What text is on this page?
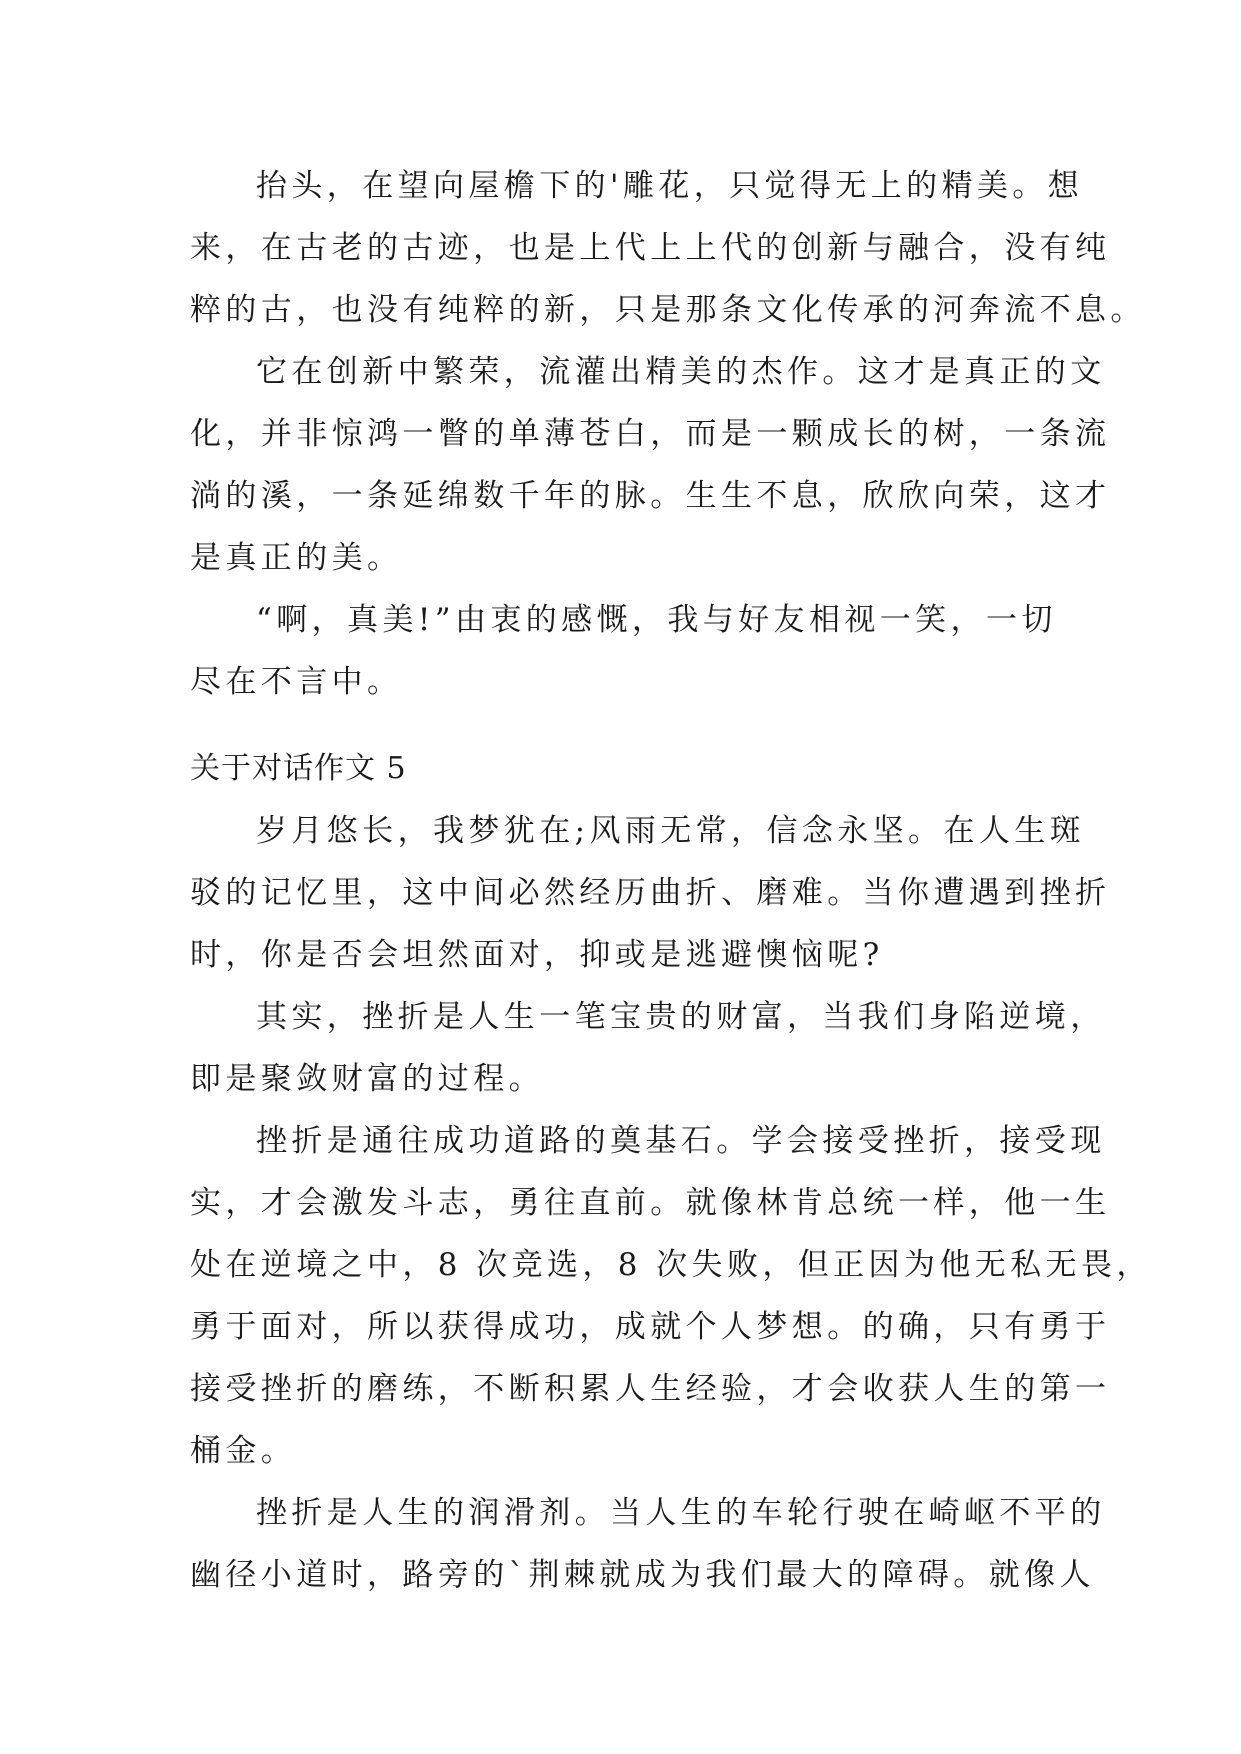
抬头，在望向屋檐下的'雕花，只觉得无上的精美。想
来，在古老的古迹，也是上代上上代的创新与融合，没有纯
粹的古，也没有纯粹的新，只是那条文化传承的河奔流不息。
它在创新中繁荣，流灌出精美的杰作。这才是真正的文
化，并非惊鸿一瞥的单薄苍白，而是一颗成长的树，一条流
淌的溪，一条延绵数千年的脉。生生不息，欣欣向荣，这才
是真正的美。
“啊，真美!”由衷的感慨，我与好友相视一笑，一切
尽在不言中。
关于对话作文 5
岁月悠长，我梦犹在;风雨无常，信念永坚。在人生斑
驳的记忆里，这中间必然经历曲折、磨难。当你遭遇到挫折
时，你是否会坦然面对，抑或是逃避懊恼呢?
其实，挫折是人生一笔宝贵的财富，当我们身陷逆境，
即是聚敛财富的过程。
挫折是通往成功道路的奠基石。学会接受挫折，接受现
实，才会激发斗志，勇往直前。就像林肯总统一样，他一生
处在逆境之中，8 次竞选，8 次失败，但正因为他无私无畏，
勇于面对，所以获得成功，成就个人梦想。的确，只有勇于
接受挫折的磨练，不断积累人生经验，才会收获人生的第一
桶金。
挫折是人生的润滑剂。当人生的车轮行驶在崎岖不平的
幽径小道时，路旁的`荆棘就成为我们最大的障碍。就像人
